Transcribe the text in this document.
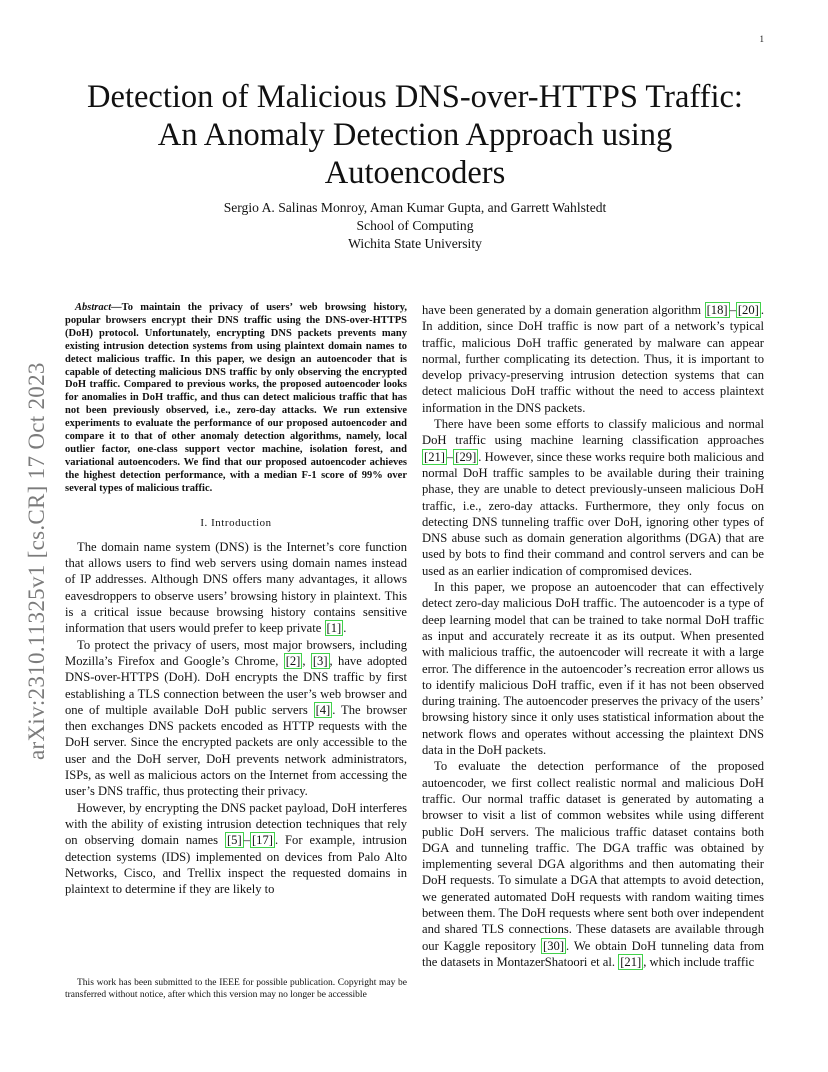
1
arXiv:2310.11325v1 [cs.CR] 17 Oct 2023
Detection of Malicious DNS-over-HTTPS Traffic:
An Anomaly Detection Approach using
Autoencoders
Sergio A. Salinas Monroy, Aman Kumar Gupta, and Garrett Wahlstedt
School of Computing
Wichita State University

Abstract—To maintain the privacy of users’ web browsing history, popular browsers encrypt their DNS traffic using the DNS-over-HTTPS (DoH) protocol. Unfortunately, encrypting DNS packets prevents many existing intrusion detection systems from using plaintext domain names to detect malicious traffic. In this paper, we design an autoencoder that is capable of detecting malicious DNS traffic by only observing the encrypted DoH traffic. Compared to previous works, the proposed autoencoder looks for anomalies in DoH traffic, and thus can detect malicious traffic that has not been previously observed, i.e., zero-day attacks. We run extensive experiments to evaluate the performance of our proposed autoencoder and compare it to that of other anomaly detection algorithms, namely, local outlier factor, one-class support vector machine, isolation forest, and variational autoencoders. We find that our proposed autoencoder achieves the highest detection performance, with a median F-1 score of 99% over several types of malicious traffic.

I. Introduction

The domain name system (DNS) is the Internet’s core function that allows users to find web servers using domain names instead of IP addresses. Although DNS offers many advantages, it allows eavesdroppers to observe users’ browsing history in plaintext. This is a critical issue because browsing history contains sensitive information that users would prefer to keep private [1] .

To protect the privacy of users, most major browsers, including Mozilla’s Firefox and Google’s Chrome, [2] , [3] , have adopted DNS-over-HTTPS (DoH). DoH encrypts the DNS traffic by first establishing a TLS connection between the user’s web browser and one of multiple available DoH public servers [4] . The browser then exchanges DNS packets encoded as HTTP requests with the DoH server. Since the encrypted packets are only accessible to the user and the DoH server, DoH prevents network administrators, ISPs, as well as malicious actors on the Internet from accessing the user’s DNS traffic, thus protecting their privacy.

However, by encrypting the DNS packet payload, DoH interferes with the ability of existing intrusion detection techniques that rely on observing domain names [5] – [17] . For example, intrusion detection systems (IDS) implemented on devices from Palo Alto Networks, Cisco, and Trellix inspect the requested domains in plaintext to determine if they are likely to

have been generated by a domain generation algorithm [18] – [20] . In addition, since DoH traffic is now part of a network’s typical traffic, malicious DoH traffic generated by malware can appear normal, further complicating its detection. Thus, it is important to develop privacy-preserving intrusion detection systems that can detect malicious DoH traffic without the need to access plaintext information in the DNS packets.

There have been some efforts to classify malicious and normal DoH traffic using machine learning classification approaches [21] – [29] . However, since these works require both malicious and normal DoH traffic samples to be available during their training phase, they are unable to detect previously-unseen malicious DoH traffic, i.e., zero-day attacks. Furthermore, they only focus on detecting DNS tunneling traffic over DoH, ignoring other types of DNS abuse such as domain generation algorithms (DGA) that are used by bots to find their command and control servers and can be used as an earlier indication of compromised devices.

In this paper, we propose an autoencoder that can effectively detect zero-day malicious DoH traffic. The autoencoder is a type of deep learning model that can be trained to take normal DoH traffic as input and accurately recreate it as its output. When presented with malicious traffic, the autoencoder will recreate it with a large error. The difference in the autoencoder’s recreation error allows us to identify malicious DoH traffic, even if it has not been observed during training. The autoencoder preserves the privacy of the users’ browsing history since it only uses statistical information about the network flows and operates without accessing the plaintext DNS data in the DoH packets.

To evaluate the detection performance of the proposed autoencoder, we first collect realistic normal and malicious DoH traffic. Our normal traffic dataset is generated by automating a browser to visit a list of common websites while using different public DoH servers. The malicious traffic dataset contains both DGA and tunneling traffic. The DGA traffic was obtained by implementing several DGA algorithms and then automating their DoH requests. To simulate a DGA that attempts to avoid detection, we generated automated DoH requests with random waiting times between them. The DoH requests where sent both over independent and shared TLS connections. These datasets are available through our Kaggle repository [30] . We obtain DoH tunneling data from the datasets in MontazerShatoori et al. [21] , which include traffic

This work has been submitted to the IEEE for possible publication. Copyright may be transferred without notice, after which this version may no longer be accessible
